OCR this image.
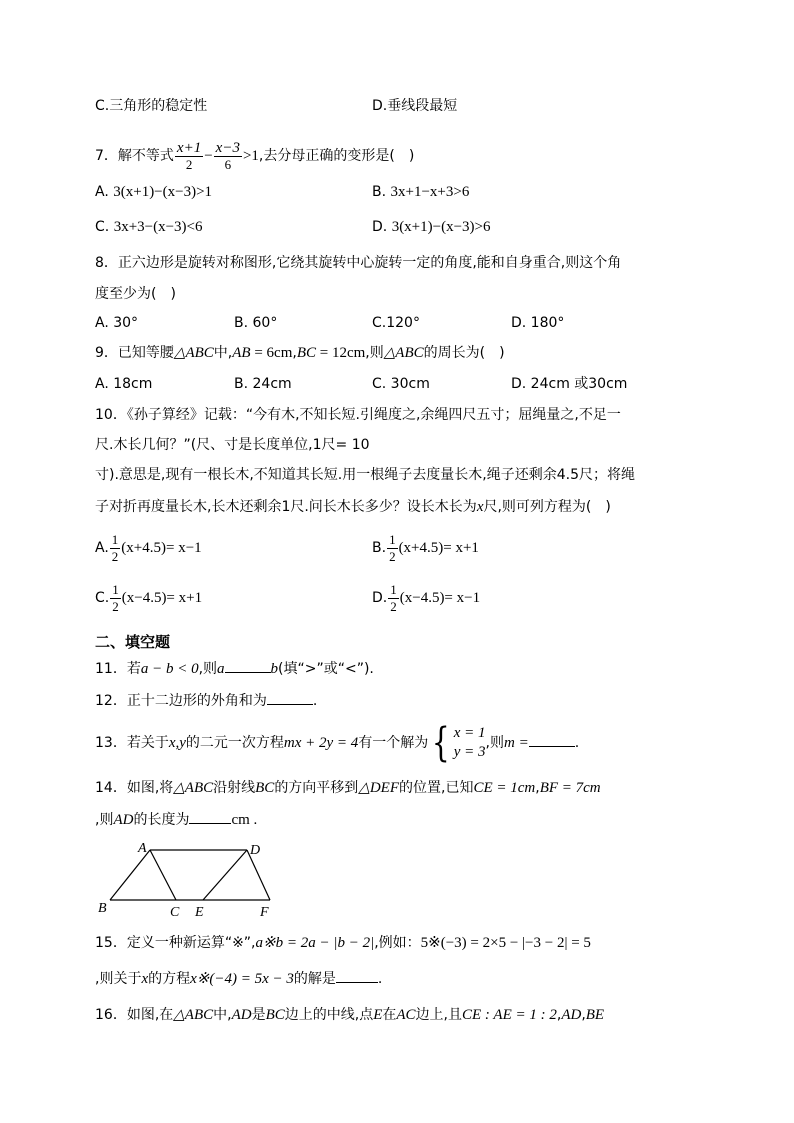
C.三角形的稳定性	D.垂线段最短
7．解不等式 $\frac{x+1}{2} - \frac{x-3}{6} >1$,去分母正确的变形是( )
A. 3(x+1)−(x−3)>1	B. 3x+1−x+3>6
C. 3x+3−(x−3)<6	D. 3(x+1)−(x−3)>6
8．正六边形是旋转对称图形,它绕其旋转中心旋转一定的角度,能和自身重合,则这个角
度至少为( )
A. 30°	B. 60°	C.120°	D. 180°
9．已知等腰△ABC中,AB = 6cm,BC = 12cm,则△ABC的周长为( )
A. 18cm	B. 24cm	C. 30cm	D. 24cm 或30cm
10．《孙子算经》记载：“今有木,不知长短.引绳度之,余绳四尺五寸；屈绳量之,不足一
尺.木长几何？”(尺、寸是长度单位,1尺= 10
寸).意思是,现有一根长木,不知道其长短.用一根绳子去度量长木,绳子还剩余4.5尺；将绳
子对折再度量长木,长木还剩余1尺.问长木长多少？设长木长为x尺,则可列方程为( )
A. $\frac{1}{2} (x+4.5)= x-1$	B. $\frac{1}{2} (x+4.5)= x+1$
C. $\frac{1}{2} (x-4.5)= x+1$	D. $\frac{1}{2} (x-4.5)= x-1$
二、填空题
11．若a − b < 0,则a	b(填“>”或“<”).
12．正十二边形的外角和为	.
13．若关于x,y的二元一次方程mx + 2y = 4有一个解为 { x = 1
y = 3
,则m =	.
14．如图,将△ABC沿射线BC的方向平移到△DEF的位置,已知CE = 1cm,BF = 7cm
,则AD的长度为	cm .
A
B	C
D
E	F
15．定义一种新运算“※”,a※b = 2a − |b − 2|,例如：5※(−3) = 2×5 − |−3 − 2| = 5
,则关于x的方程x※(−4) = 5x − 3的解是	.
16．如图,在△ABC中,AD是BC边上的中线,点E在AC边上,且CE : AE = 1 : 2,AD,BE
